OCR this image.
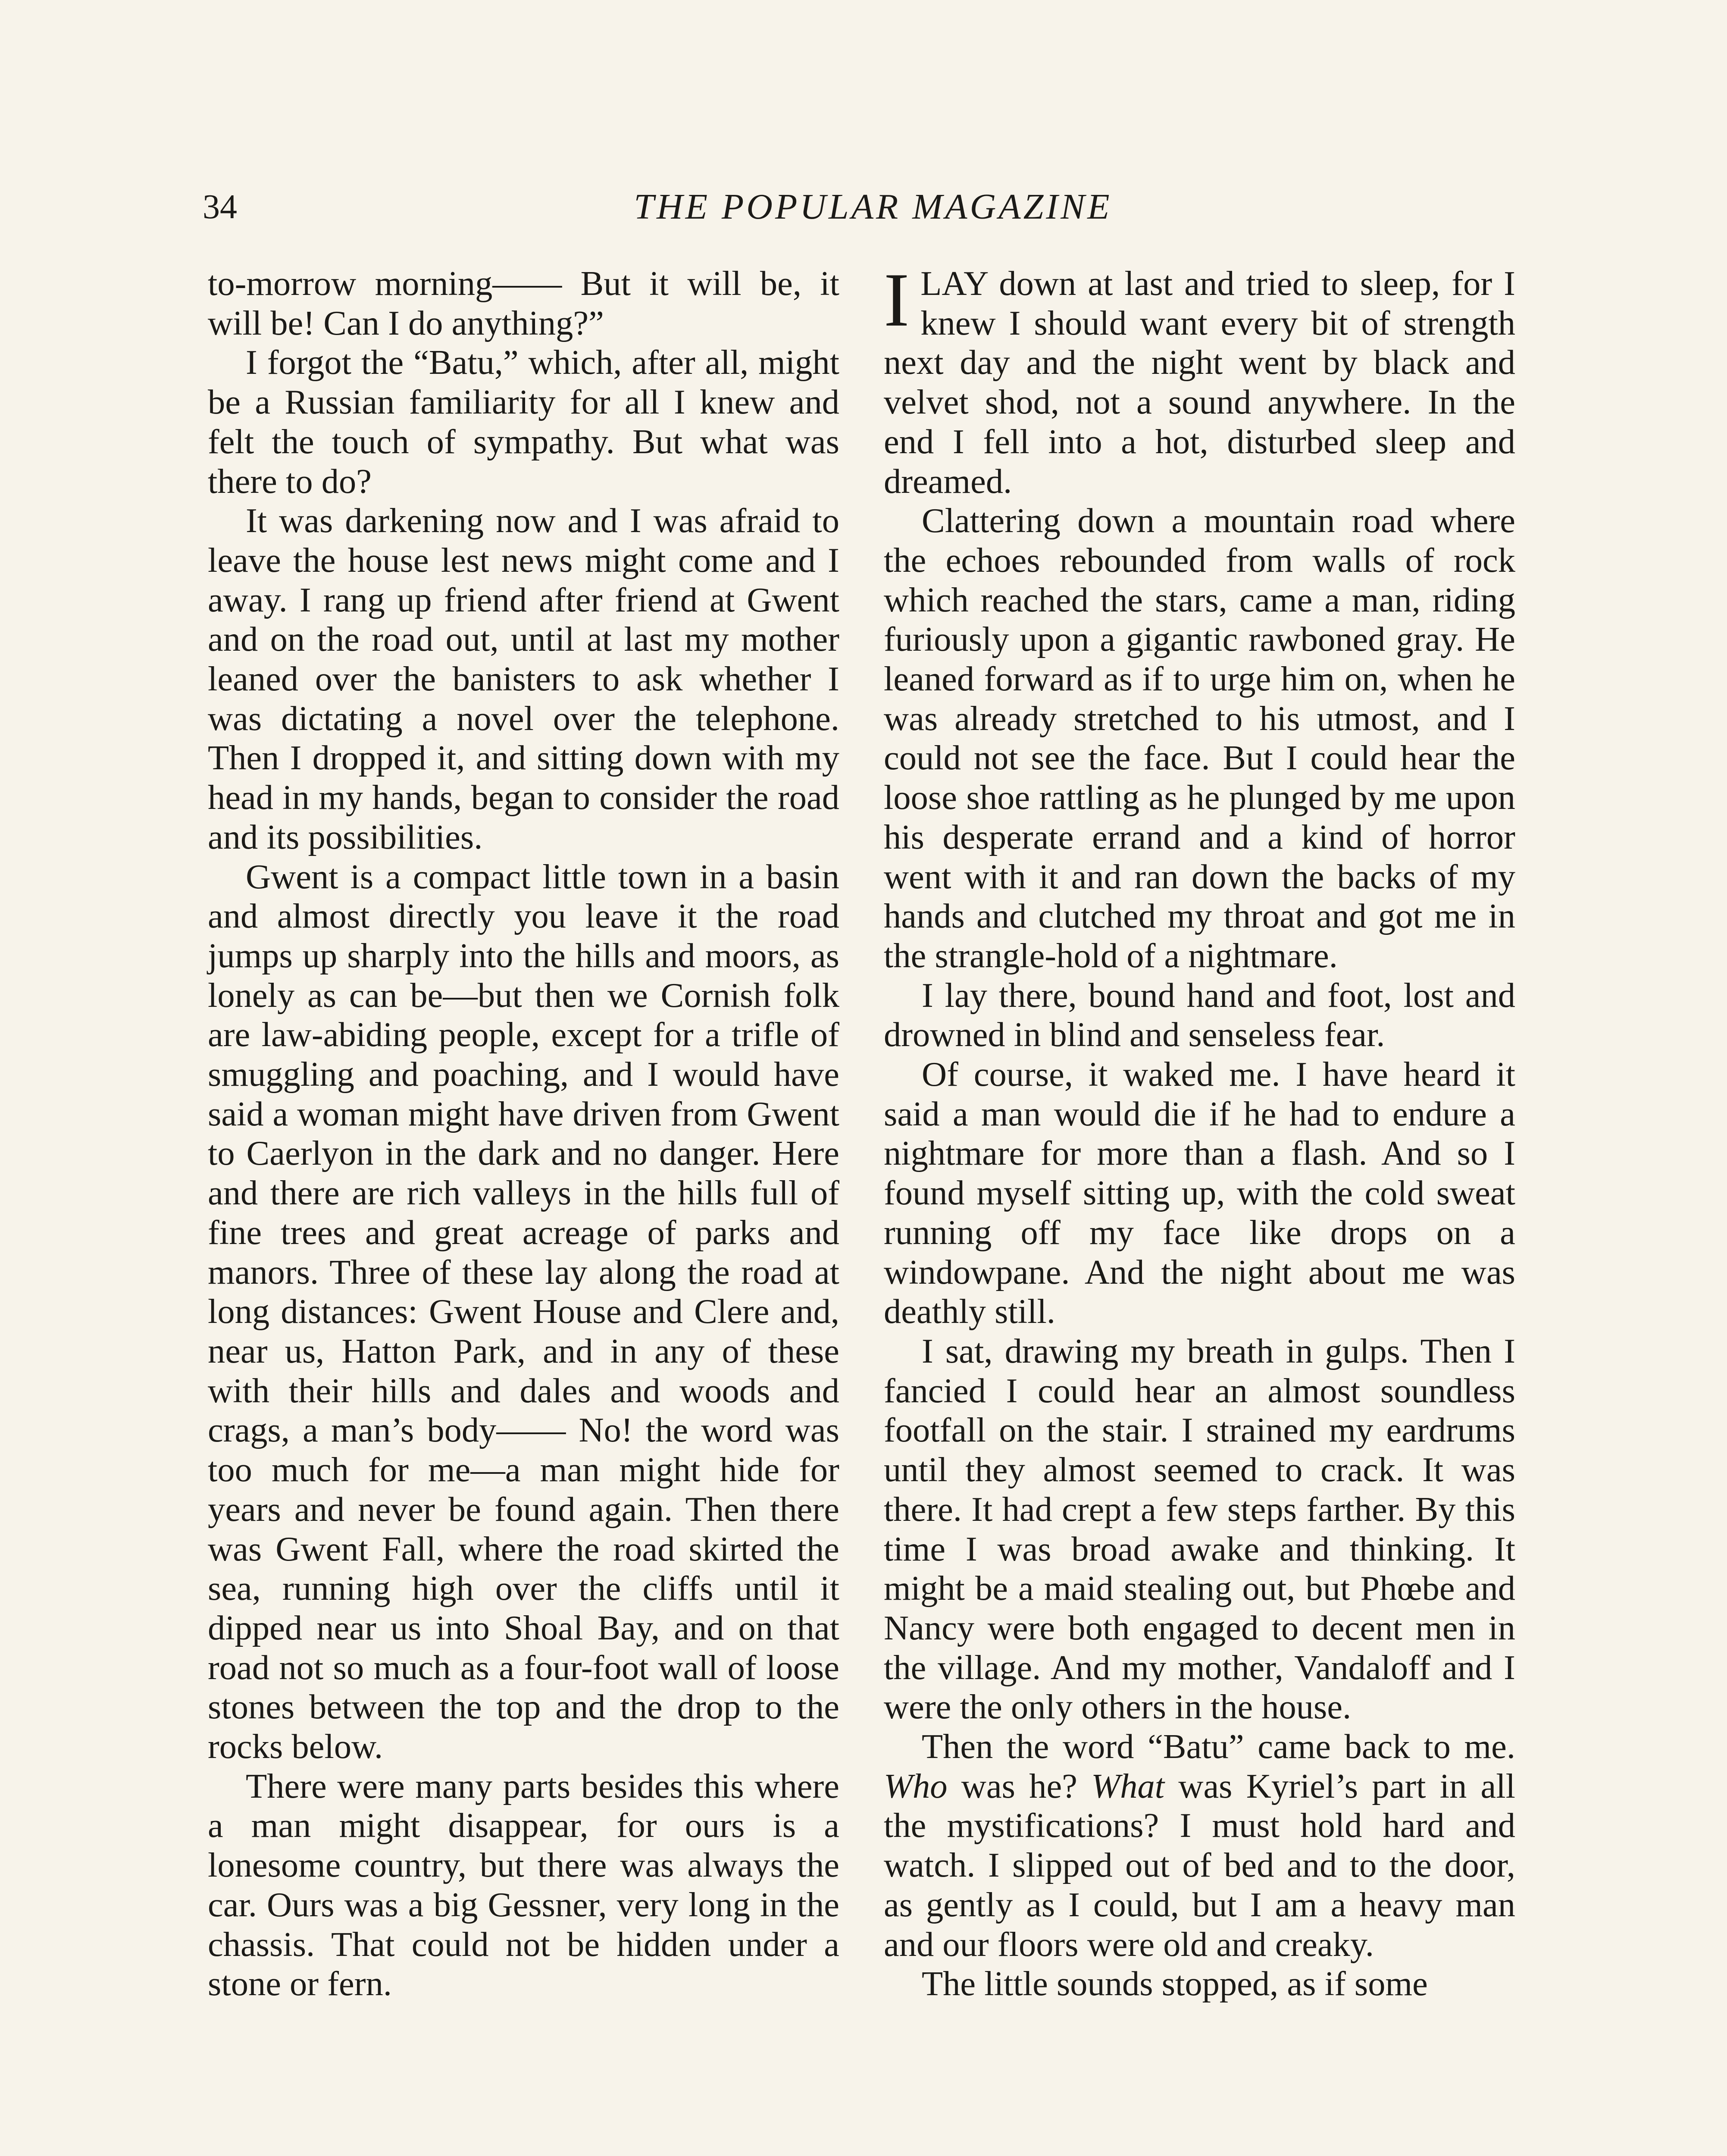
34	THE POPULAR MAGAZINE

to-morrow morning—— But it will be, it will be! Can I do anything?”

I forgot the “Batu,” which, after all, might be a Russian familiarity for all I knew and felt the touch of sympathy. But what was there to do?

It was darkening now and I was afraid to leave the house lest news might come and I away. I rang up friend after friend at Gwent and on the road out, until at last my mother leaned over the banisters to ask whether I was dictating a novel over the telephone. Then I dropped it, and sitting down with my head in my hands, began to consider the road and its possibilities.

Gwent is a compact little town in a basin and almost directly you leave it the road jumps up sharply into the hills and moors, as lonely as can be—but then we Cornish folk are law-abiding people, except for a trifle of smuggling and poaching, and I would have said a woman might have driven from Gwent to Caerlyon in the dark and no danger. Here and there are rich valleys in the hills full of fine trees and great acreage of parks and manors. Three of these lay along the road at long distances: Gwent House and Clere and, near us, Hatton Park, and in any of these with their hills and dales and woods and crags, a man’s body—— No! the word was too much for me—a man might hide for years and never be found again. Then there was Gwent Fall, where the road skirted the sea, running high over the cliffs until it dipped near us into Shoal Bay, and on that road not so much as a four-foot wall of loose stones between the top and the drop to the rocks below.

There were many parts besides this where a man might disappear, for ours is a lonesome country, but there was always the car. Ours was a big Gessner, very long in the chassis. That could not be hidden under a stone or fern.

ILAY down at last and tried to sleep, for I knew I should want every bit of strength next day and the night went by black and velvet shod, not a sound anywhere. In the end I fell into a hot, disturbed sleep and dreamed.

Clattering down a mountain road where the echoes rebounded from walls of rock which reached the stars, came a man, riding furiously upon a gigantic rawboned gray. He leaned forward as if to urge him on, when he was already stretched to his utmost, and I could not see the face. But I could hear the loose shoe rattling as he plunged by me upon his desperate errand and a kind of horror went with it and ran down the backs of my hands and clutched my throat and got me in the strangle-hold of a nightmare.

I lay there, bound hand and foot, lost and drowned in blind and senseless fear.

Of course, it waked me. I have heard it said a man would die if he had to endure a nightmare for more than a flash. And so I found myself sitting up, with the cold sweat running off my face like drops on a windowpane. And the night about me was deathly still.

I sat, drawing my breath in gulps. Then I fancied I could hear an almost soundless footfall on the stair. I strained my eardrums until they almost seemed to crack. It was there. It had crept a few steps farther. By this time I was broad awake and thinking. It might be a maid stealing out, but Phœbe and Nancy were both engaged to decent men in the village. And my mother, Vandaloff and I were the only others in the house.

Then the word “Batu” came back to me. Who was he? What was Kyriel’s part in all the mystifications? I must hold hard and watch. I slipped out of bed and to the door, as gently as I could, but I am a heavy man and our floors were old and creaky.

The little sounds stopped, as if some
